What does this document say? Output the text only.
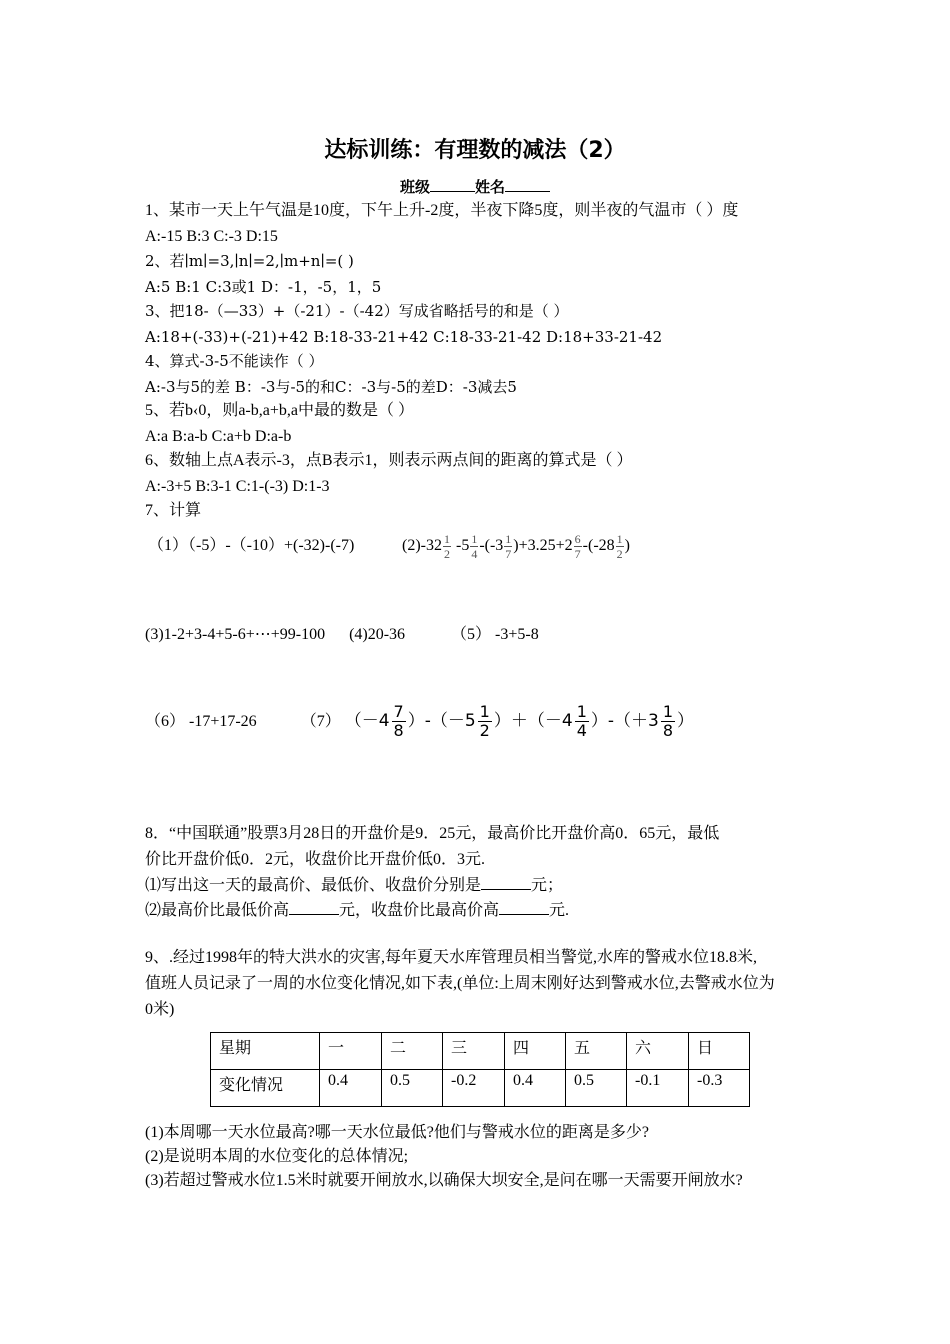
达标训练：有理数的减法（2）
班级	姓名
1、某市一天上午气温是10度，下午上升-2度，半夜下降5度，则半夜的气温市（ ）度
A:-15 B:3 C:-3 D:15
2、若∣m∣=3,∣n∣=2,∣m+n∣=( )
A:5 B:1 C:3或1 D：-1，-5，1，5
3、把18-（—33）+（-21）-（-42）写成省略括号的和是（ ）
A:18+(-33)+(-21)+42 B:18-33-21+42 C:18-33-21-42 D:18+33-21-42
4、算式-3-5不能读作（ ）
A:-3与5的差 B：-3与-5的和C：-3与-5的差D：-3减去5
5、若b‹0，则a-b,a+b,a中最的数是（ ）
A:a B:a-b C:a+b D:a-b
6、数轴上点A表示-3，点B表示1，则表示两点间的距离的算式是（ ）
A:-3+5 B:3-1 C:1-(-3) D:1-3
7、计算
（1）（-5）-（-10）+(-32)-(-7)	$(2)-32 \frac{1}{2} -5 \frac{1}{4} -(-3 \frac{1}{7} )+3.25+2 \frac{6}{7} -(-28 \frac{1}{2}$ )
(3)1-2+3-4+5-6+⋯+99-100 (4)20-36	（5） -3+5-8
（6） -17+17-26	（7） $(-4 \frac{7}{8} )-(-5 \frac{1}{2} )+(-4 \frac{1}{4} )-(+3 \frac{1}{8}$ ）
8．“中国联通”股票3月28日的开盘价是9．25元，最高价比开盘价高0．65元，最低
价比开盘价低0．2元，收盘价比开盘价低0．3元.
⑴写出这一天的最高价、最低价、收盘价分别是	元；
⑵最高价比最低价高	元，收盘价比最高价高	元.
9、.经过1998年的特大洪水的灾害,每年夏天水库管理员相当警觉,水库的警戒水位18.8米,
值班人员记录了一周的水位变化情况,如下表,(单位:上周末刚好达到警戒水位,去警戒水位为
0米)
星期	一	二	三	四	五	六	日
变化情况	0.4	0.5	-0.2	0.4	0.5	-0.1	-0.3
(1)本周哪一天水位最高?哪一天水位最低?他们与警戒水位的距离是多少?
(2)是说明本周的水位变化的总体情况;
(3)若超过警戒水位1.5米时就要开闸放水,以确保大坝安全,是问在哪一天需要开闸放水?
